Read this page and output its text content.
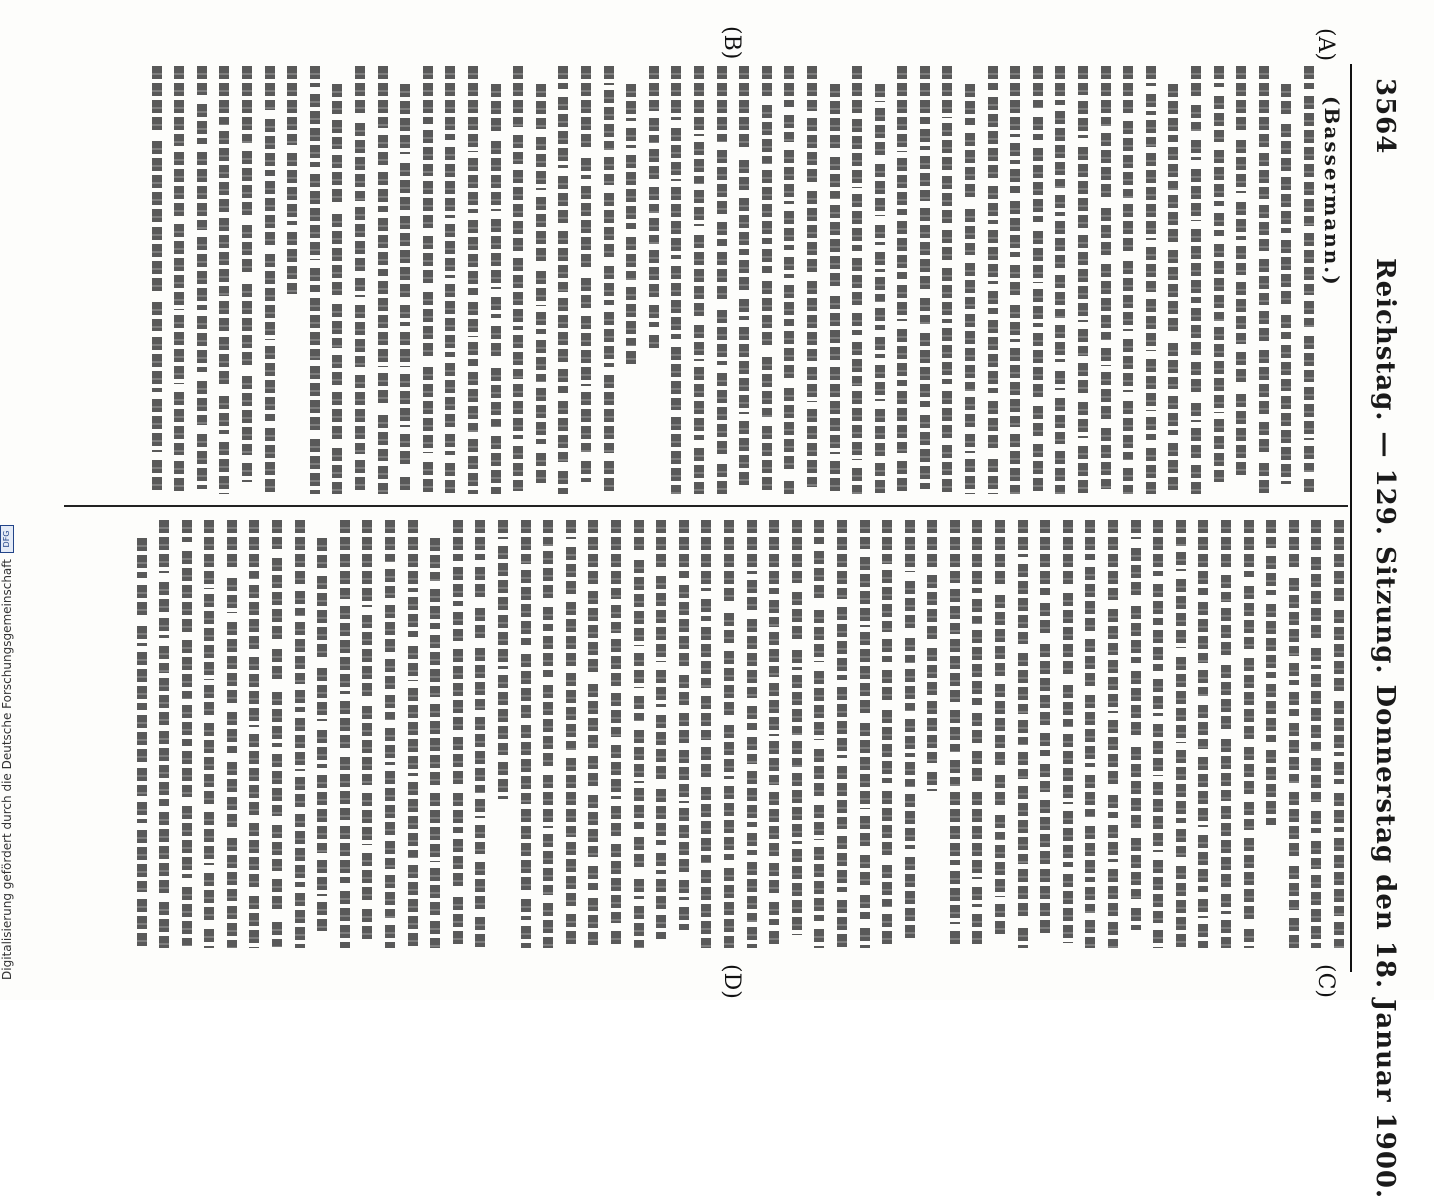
3564
Reichstag. — 129. Sitzung. Donnerstag den 18. Januar 1900.
(A)
(B)
(C)
(D)
(Bassermann.)
Digitalisierung gefördert durch die Deutsche Forschungsgemeinschaft
DFG
